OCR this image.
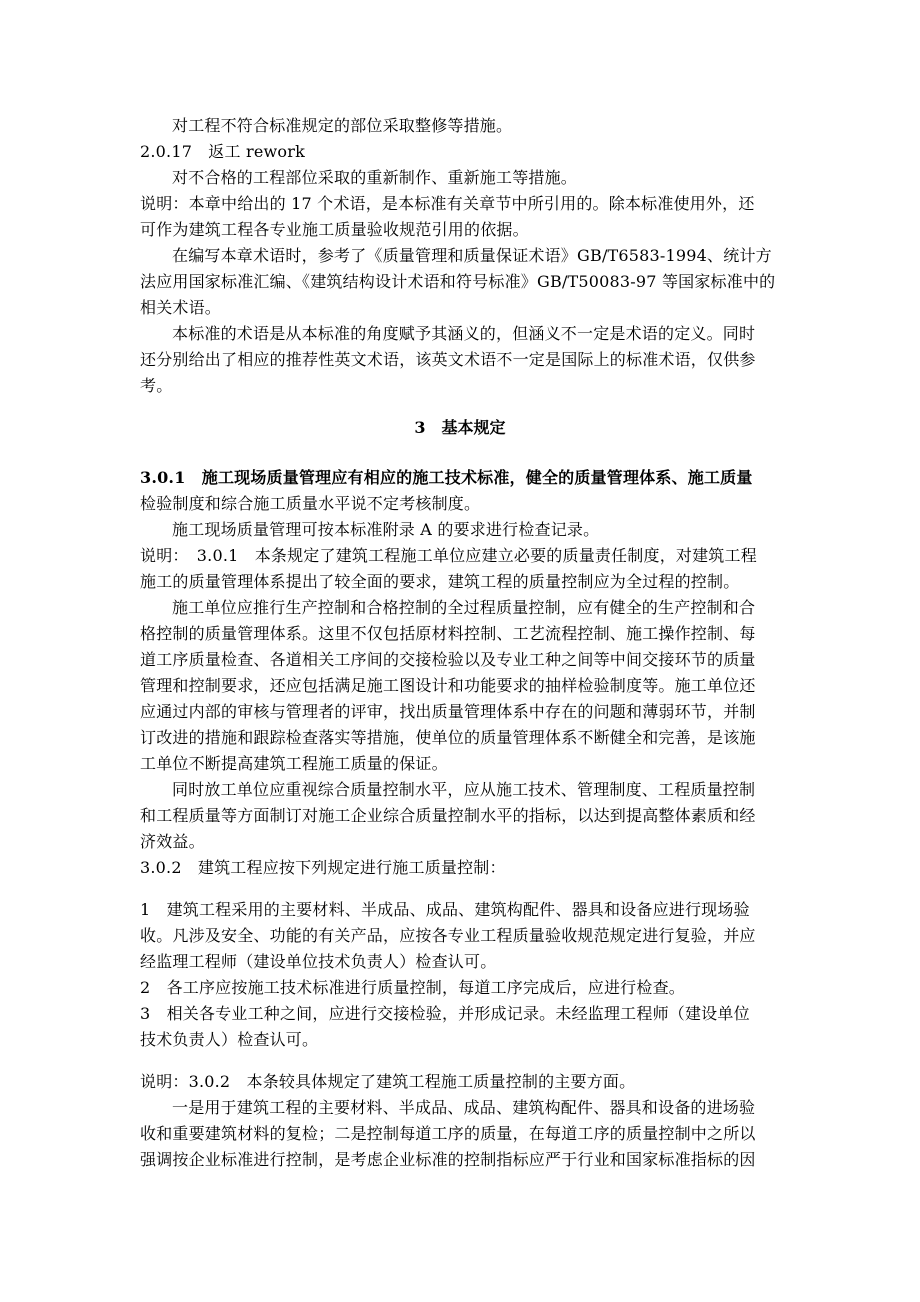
对工程不符合标准规定的部位采取整修等措施。
2.0.17　返工 rework
对不合格的工程部位采取的重新制作、重新施工等措施。
说明：本章中给出的 17 个术语，是本标准有关章节中所引用的。除本标准使用外，还
可作为建筑工程各专业施工质量验收规范引用的依据。
在编写本章术语时，参考了《质量管理和质量保证术语》GB/T6583-1994、统计方
法应用国家标准汇编、《建筑结构设计术语和符号标准》GB/T50083-97 等国家标准中的
相关术语。
本标准的术语是从本标准的角度赋予其涵义的，但涵义不一定是术语的定义。同时
还分别给出了相应的推荐性英文术语，该英文术语不一定是国际上的标准术语，仅供参
考。
3　基本规定
3.0.1　施工现场质量管理应有相应的施工技术标准，健全的质量管理体系、施工质量
检验制度和综合施工质量水平说不定考核制度。
施工现场质量管理可按本标准附录 A 的要求进行检查记录。
说明：　3.0.1　本条规定了建筑工程施工单位应建立必要的质量责任制度，对建筑工程
施工的质量管理体系提出了较全面的要求，建筑工程的质量控制应为全过程的控制。
施工单位应推行生产控制和合格控制的全过程质量控制，应有健全的生产控制和合
格控制的质量管理体系。这里不仅包括原材料控制、工艺流程控制、施工操作控制、每
道工序质量检查、各道相关工序间的交接检验以及专业工种之间等中间交接环节的质量
管理和控制要求，还应包括满足施工图设计和功能要求的抽样检验制度等。施工单位还
应通过内部的审核与管理者的评审，找出质量管理体系中存在的问题和薄弱环节，并制
订改进的措施和跟踪检查落实等措施，使单位的质量管理体系不断健全和完善，是该施
工单位不断提高建筑工程施工质量的保证。
同时放工单位应重视综合质量控制水平，应从施工技术、管理制度、工程质量控制
和工程质量等方面制订对施工企业综合质量控制水平的指标，以达到提高整体素质和经
济效益。
3.0.2　建筑工程应按下列规定进行施工质量控制：
1　建筑工程采用的主要材料、半成品、成品、建筑构配件、器具和设备应进行现场验
收。凡涉及安全、功能的有关产品，应按各专业工程质量验收规范规定进行复验，并应
经监理工程师（建设单位技术负责人）检查认可。
2　各工序应按施工技术标准进行质量控制，每道工序完成后，应进行检查。
3　相关各专业工种之间，应进行交接检验，并形成记录。未经监理工程师（建设单位
技术负责人）检查认可。
说明：3.0.2　本条较具体规定了建筑工程施工质量控制的主要方面。
一是用于建筑工程的主要材料、半成品、成品、建筑构配件、器具和设备的进场验
收和重要建筑材料的复检；二是控制每道工序的质量，在每道工序的质量控制中之所以
强调按企业标准进行控制，是考虑企业标准的控制指标应严于行业和国家标准指标的因
